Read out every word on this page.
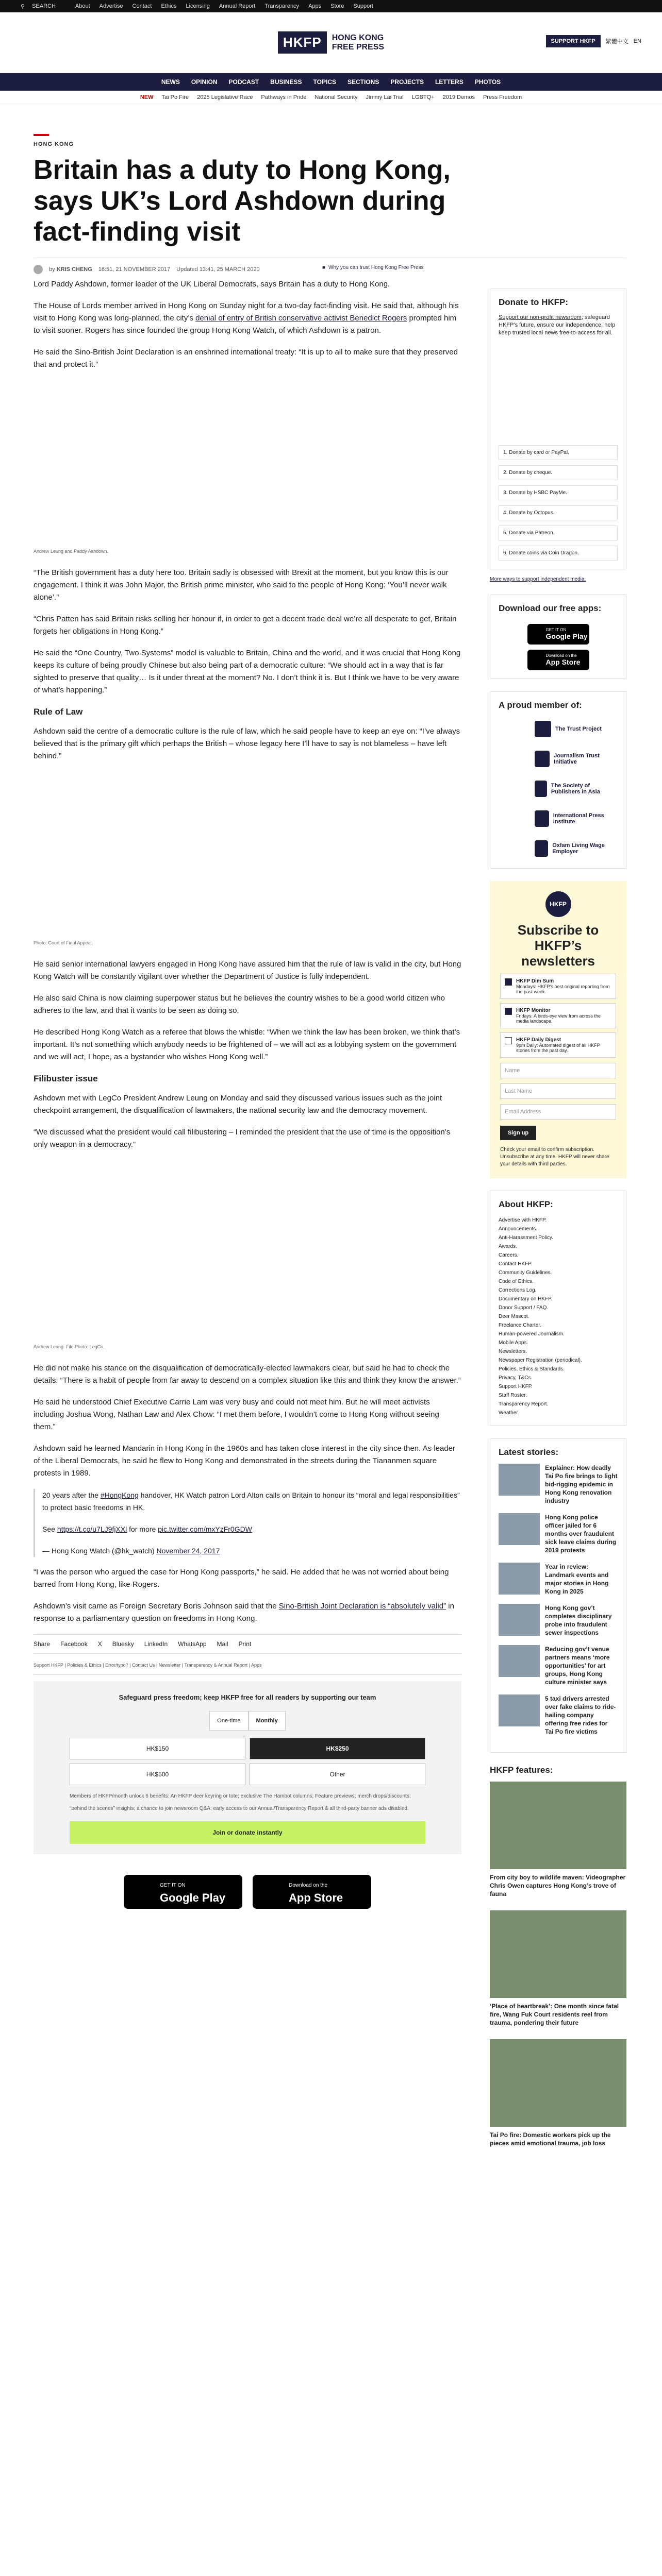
⚲ SEARCH	About Advertise Contact Ethics Licensing Annual Report Transparency Apps Store Support
HKFP	HONG KONG
FREE PRESS
SUPPORT HKFP	繁體中文 EN
NEWS OPINION PODCAST BUSINESS TOPICS SECTIONS PROJECTS LETTERS PHOTOS
NEW Tai Po Fire 2025 Legislative Race Pathways in Pride National Security Jimmy Lai Trial LGBTQ+ 2019 Demos Press Freedom
HONG KONG
Britain has a duty to Hong Kong, says UK’s Lord Ashdown during fact-finding visit
by KRIS CHENG 16:51, 21 NOVEMBER 2017 Updated 13:41, 25 MARCH 2020	■ Why you can trust Hong Kong Free Press

Lord Paddy Ashdown, former leader of the UK Liberal Democrats, says Britain has a duty to Hong Kong.

The House of Lords member arrived in Hong Kong on Sunday night for a two-day fact-finding visit. He said that, although his visit to Hong Kong was long-planned, the city’s denial of entry of British conservative activist Benedict Rogers prompted him to visit sooner. Rogers has since founded the group Hong Kong Watch, of which Ashdown is a patron.

He said the Sino-British Joint Declaration is an enshrined international treaty: “It is up to all to make sure that they preserved that and protect it.”

Andrew Leung and Paddy Ashdown.

“The British government has a duty here too. Britain sadly is obsessed with Brexit at the moment, but you know this is our engagement. I think it was John Major, the British prime minister, who said to the people of Hong Kong: ‘You’ll never walk alone’.”

“Chris Patten has said Britain risks selling her honour if, in order to get a decent trade deal we’re all desperate to get, Britain forgets her obligations in Hong Kong.”

He said the “One Country, Two Systems” model is valuable to Britain, China and the world, and it was crucial that Hong Kong keeps its culture of being proudly Chinese but also being part of a democratic culture: “We should act in a way that is far sighted to preserve that quality… Is it under threat at the moment? No. I don’t think it is. But I think we have to be very aware of what’s happening.”

Rule of Law

Ashdown said the centre of a democratic culture is the rule of law, which he said people have to keep an eye on: “I’ve always believed that is the primary gift which perhaps the British – whose legacy here I’ll have to say is not blameless – have left behind.”

Photo: Court of Final Appeal.

He said senior international lawyers engaged in Hong Kong have assured him that the rule of law is valid in the city, but Hong Kong Watch will be constantly vigilant over whether the Department of Justice is fully independent.

He also said China is now claiming superpower status but he believes the country wishes to be a good world citizen who adheres to the law, and that it wants to be seen as doing so.

He described Hong Kong Watch as a referee that blows the whistle: “When we think the law has been broken, we think that’s important. It’s not something which anybody needs to be frightened of – we will act as a lobbying system on the government and we will act, I hope, as a bystander who wishes Hong Kong well.”

Filibuster issue

Ashdown met with LegCo President Andrew Leung on Monday and said they discussed various issues such as the joint checkpoint arrangement, the disqualification of lawmakers, the national security law and the democracy movement.

“We discussed what the president would call filibustering – I reminded the president that the use of time is the opposition’s only weapon in a democracy.”

Andrew Leung. File Photo: LegCo.

He did not make his stance on the disqualification of democratically-elected lawmakers clear, but said he had to check the details: “There is a habit of people from far away to descend on a complex situation like this and think they know the answer.”

He said he understood Chief Executive Carrie Lam was very busy and could not meet him. But he will meet activists including Joshua Wong, Nathan Law and Alex Chow: “I met them before, I wouldn’t come to Hong Kong without seeing them.”

Ashdown said he learned Mandarin in Hong Kong in the 1960s and has taken close interest in the city since then. As leader of the Liberal Democrats, he said he flew to Hong Kong and demonstrated in the streets during the Tiananmen square protests in 1989.

20 years after the #HongKong handover, HK Watch patron Lord Alton calls on Britain to honour its “moral and legal responsibilities” to protect basic freedoms in HK.

See https://t.co/u7LJ9fjXXl for more pic.twitter.com/mxYzFr0GDW

— Hong Kong Watch (@hk_watch) November 24, 2017

“I was the person who argued the case for Hong Kong passports,” he said. He added that he was not worried about being barred from Hong Kong, like Rogers.

Ashdown’s visit came as Foreign Secretary Boris Johnson said that the Sino-British Joint Declaration is “absolutely valid” in response to a parliamentary question on freedoms in Hong Kong.

Share Facebook X Bluesky LinkedIn WhatsApp Mail Print
Support HKFP | Policies & Ethics | Error/typo? | Contact Us | Newsletter | Transparency & Annual Report | Apps
Safeguard press freedom; keep HKFP free for all readers by supporting our team
One-time	Monthly
HK$150	HK$250
HK$500	Other
Members of HKFP/month unlock 6 benefits: An HKFP deer keyring or tote; exclusive The Hambot columns; Feature previews; merch drops/discounts; “behind the scenes” insights; a chance to join newsroom Q&A; early access to our Annual/Transparency Report & all third-party banner ads disabled.
Join or donate instantly
GET IT ON
Google Play
Download on the
App Store
Donate to HKFP:

Support our non-profit newsroom; safeguard HKFP’s future, ensure our independence, help keep trusted local news free-to-access for all.

1. Donate by card or PayPal.
2. Donate by cheque.
3. Donate by HSBC PayMe.
4. Donate by Octopus.
5. Donate via Patreon.
6. Donate coins via Coin Dragon.
More ways to support independent media.
Download our free apps:
GET IT ON
Google Play
Download on the
App Store
A proud member of:
The Trust Project
Journalism Trust Initiative
The Society of Publishers in Asia
International Press Institute
Oxfam Living Wage Employer
HKFP
Subscribe to HKFP’s newsletters
HKFP Dim Sum
Mondays: HKFP’s best original reporting from the past week.
HKFP Monitor
Fridays: A birds-eye view from across the media landscape.
HKFP Daily Digest
9pm Daily: Automated digest of all HKFP stories from the past day.
Name
Last Name
Email Address
Sign up
Check your email to confirm subscription. Unsubscribe at any time. HKFP will never share your details with third parties.
About HKFP:
Advertise with HKFP.
Announcements.
Anti-Harassment Policy.
Awards.
Careers.
Contact HKFP.
Community Guidelines.
Code of Ethics.
Corrections Log.
Documentary on HKFP.
Donor Support / FAQ.
Deer Mascot.
Freelance Charter.
Human-powered Journalism.
Mobile Apps.
Newsletters.
Newspaper Registration (periodical).
Policies, Ethics & Standards.
Privacy, T&Cs.
Support HKFP.
Staff Roster.
Transparency Report.
Weather.
Latest stories:
Explainer: How deadly Tai Po fire brings to light bid-rigging epidemic in Hong Kong renovation industry
Hong Kong police officer jailed for 6 months over fraudulent sick leave claims during 2019 protests
Year in review: Landmark events and major stories in Hong Kong in 2025
Hong Kong gov’t completes disciplinary probe into fraudulent sewer inspections
Reducing gov’t venue partners means ‘more opportunities’ for art groups, Hong Kong culture minister says
5 taxi drivers arrested over fake claims to ride-hailing company offering free rides for Tai Po fire victims
HKFP features:
From city boy to wildlife maven: Videographer Chris Owen captures Hong Kong’s trove of fauna
‘Place of heartbreak’: One month since fatal fire, Wang Fuk Court residents reel from trauma, pondering their future
Tai Po fire: Domestic workers pick up the pieces amid emotional trauma, job loss
